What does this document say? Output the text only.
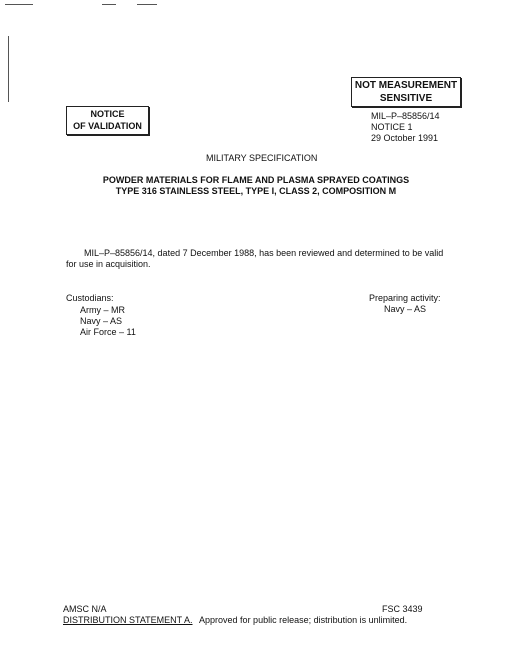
NOT MEASUREMENT
SENSITIVE
NOTICE
OF VALIDATION
MIL–P–85856/14
NOTICE 1
29 October 1991
MILITARY SPECIFICATION
POWDER MATERIALS FOR FLAME AND PLASMA SPRAYED COATINGS
TYPE 316 STAINLESS STEEL, TYPE I, CLASS 2, COMPOSITION M
MIL–P–85856/14, dated 7 December 1988, has been reviewed and determined to be valid
for use in acquisition.
Custodians:
Army – MR
Navy – AS
Air Force – 11
Preparing activity:
Navy – AS
AMSC N/A	FSC 3439
DISTRIBUTION STATEMENT A. Approved for public release; distribution is unlimited.
